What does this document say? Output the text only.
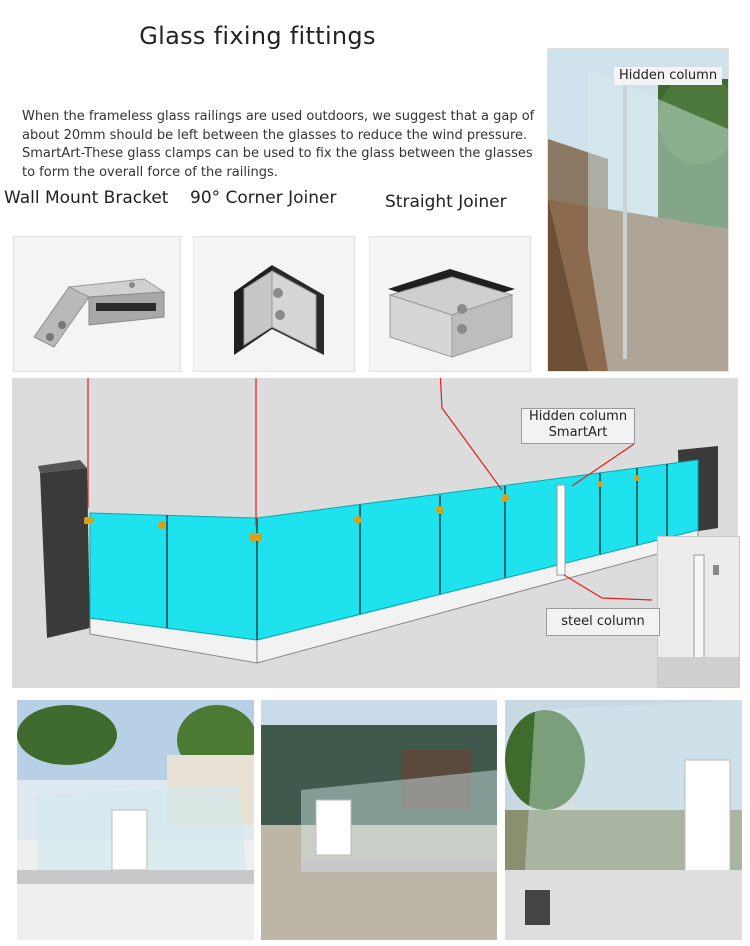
Glass fixing fittings

When the frameless glass railings are used outdoors, we suggest that a gap of

about 20mm should be left between the glasses to reduce the wind pressure.

SmartArt-These glass clamps can be used to fix the glass between the glasses

to form the overall force of the railings.

Wall Mount Bracket 90° Corner Joiner	Straight Joiner
Hidden column
Hidden column
SmartArt
steel column
